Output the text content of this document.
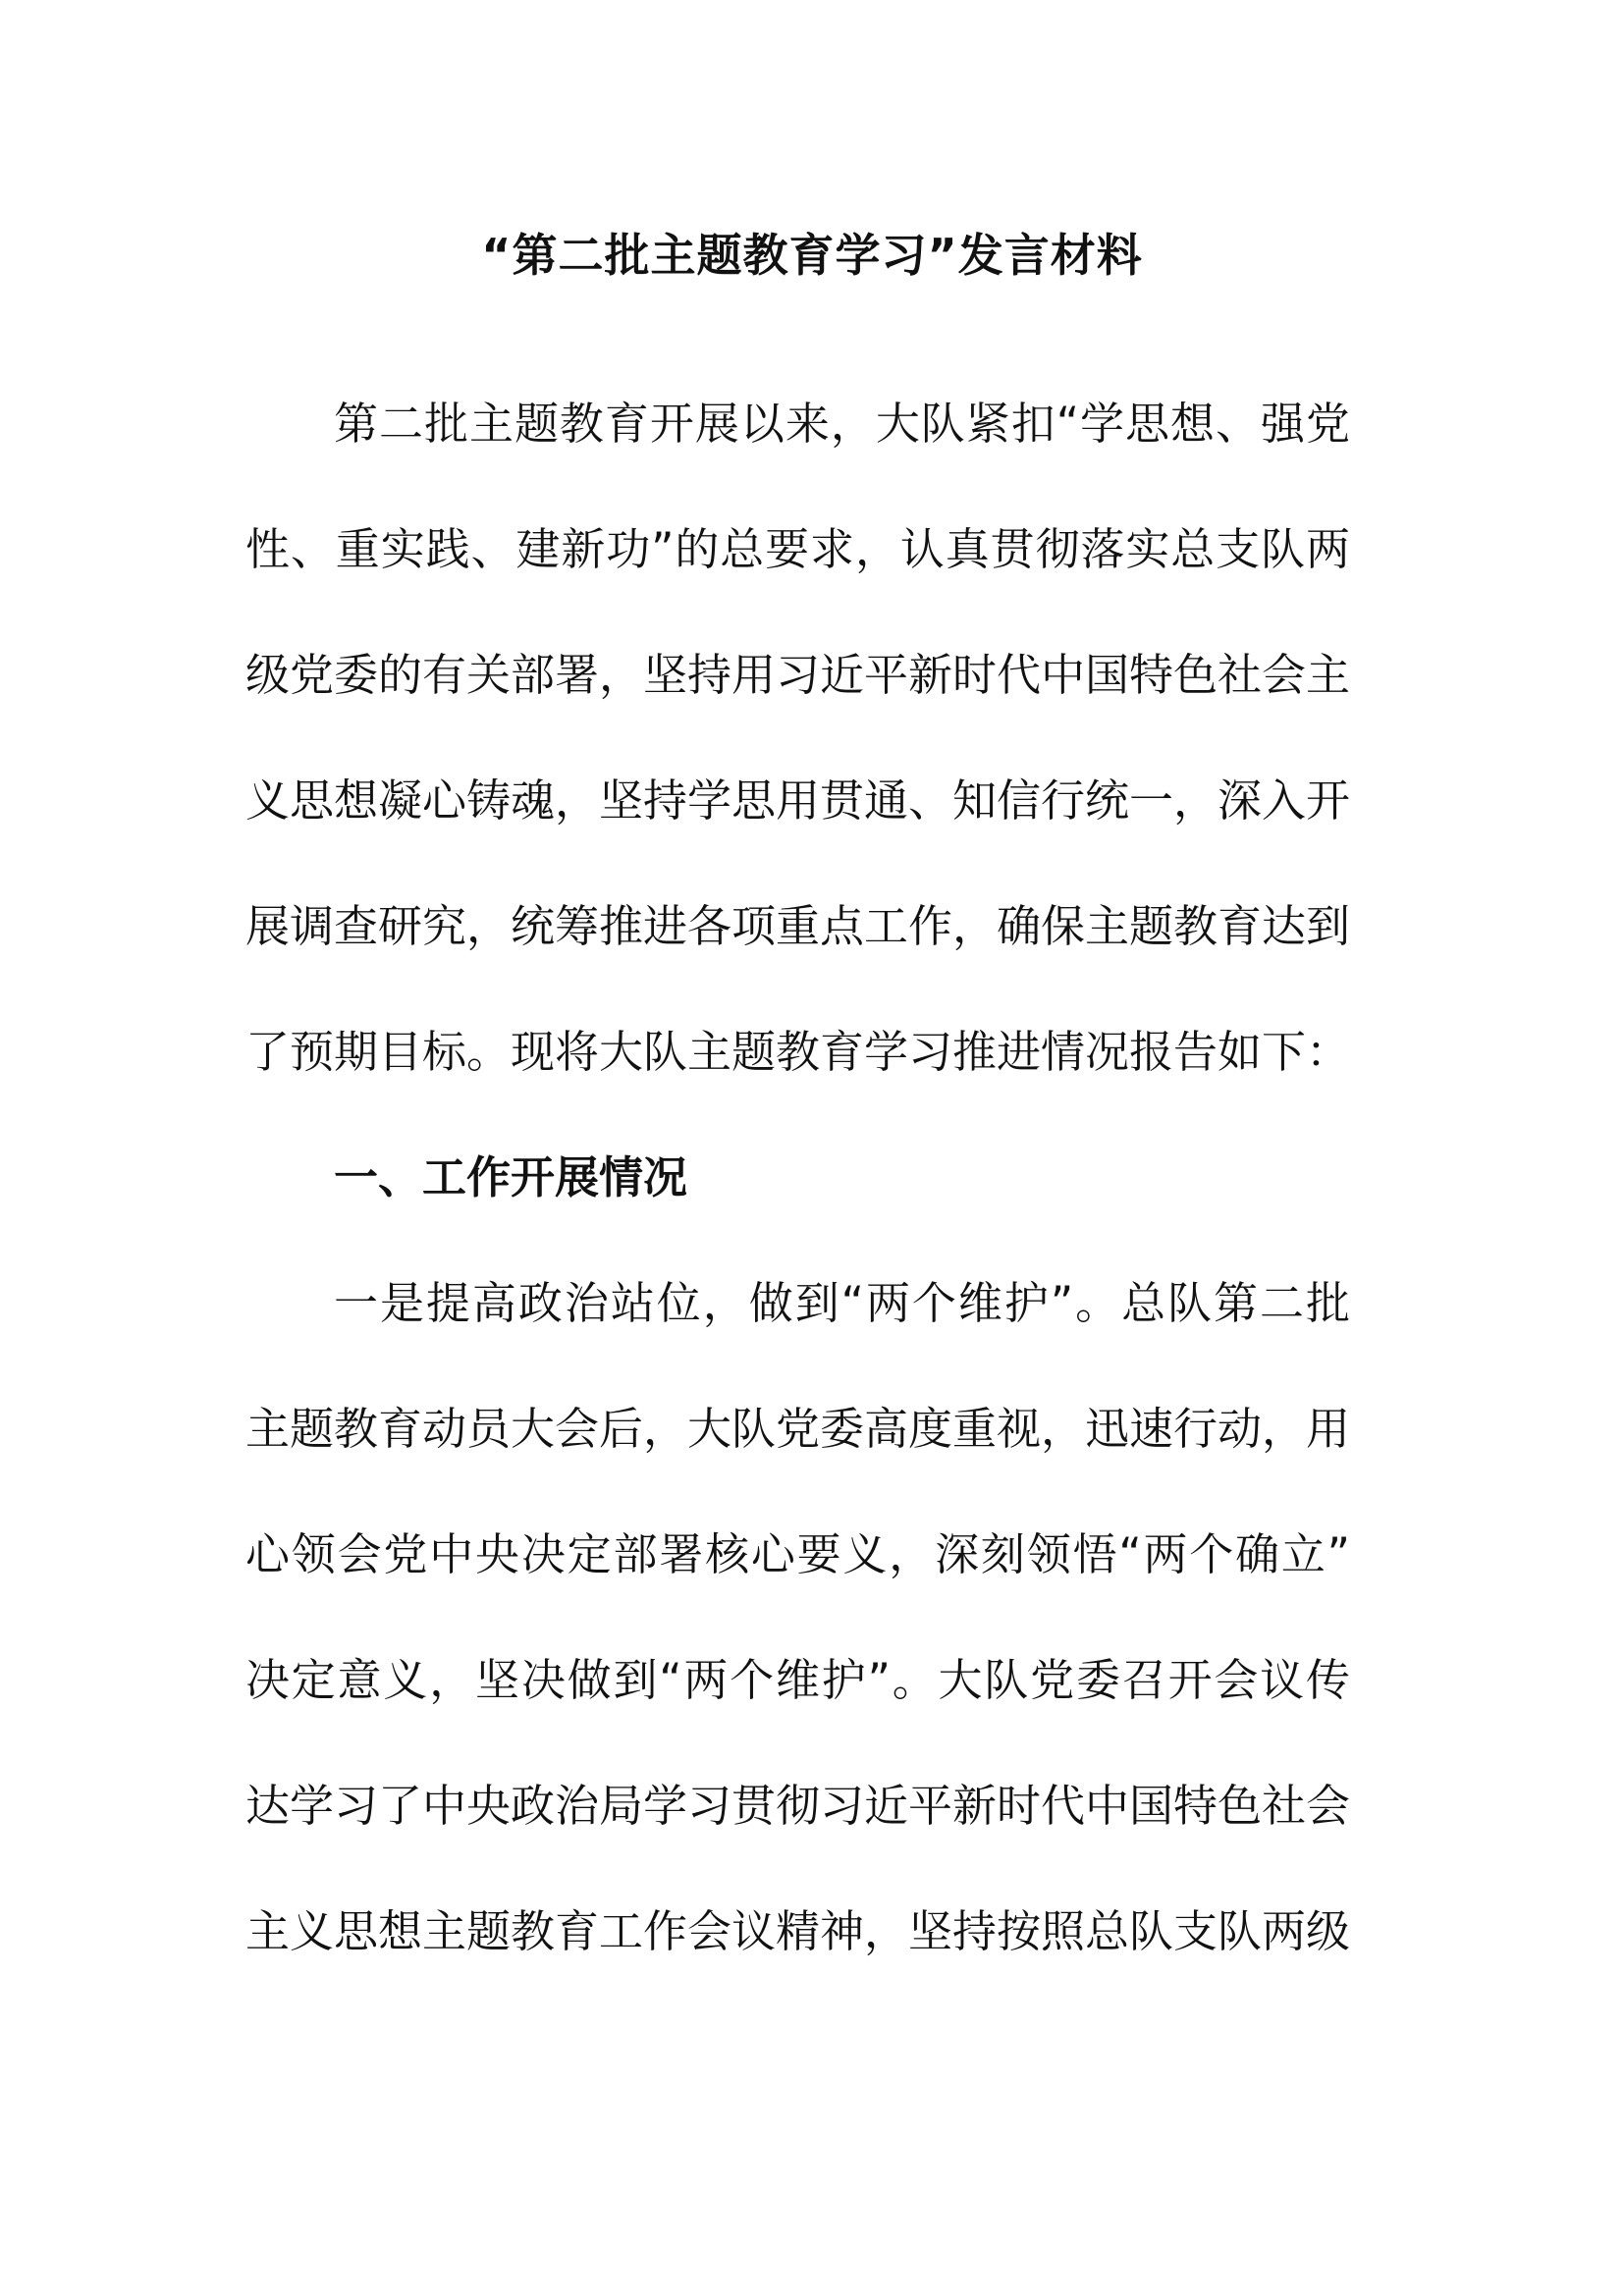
“第二批主题教育学习”发言材料

第二批主题教育开展以来，大队紧扣“学思想、强党

性、重实践、建新功”的总要求，认真贯彻落实总支队两

级党委的有关部署，坚持用习近平新时代中国特色社会主

义思想凝心铸魂，坚持学思用贯通、知信行统一，深入开

展调查研究，统筹推进各项重点工作，确保主题教育达到

了预期目标。现将大队主题教育学习推进情况报告如下：

一、工作开展情况

一是提高政治站位，做到“两个维护”。总队第二批

主题教育动员大会后，大队党委高度重视，迅速行动，用

心领会党中央决定部署核心要义，深刻领悟“两个确立”

决定意义，坚决做到“两个维护”。大队党委召开会议传

达学习了中央政治局学习贯彻习近平新时代中国特色社会

主义思想主题教育工作会议精神，坚持按照总队支队两级
